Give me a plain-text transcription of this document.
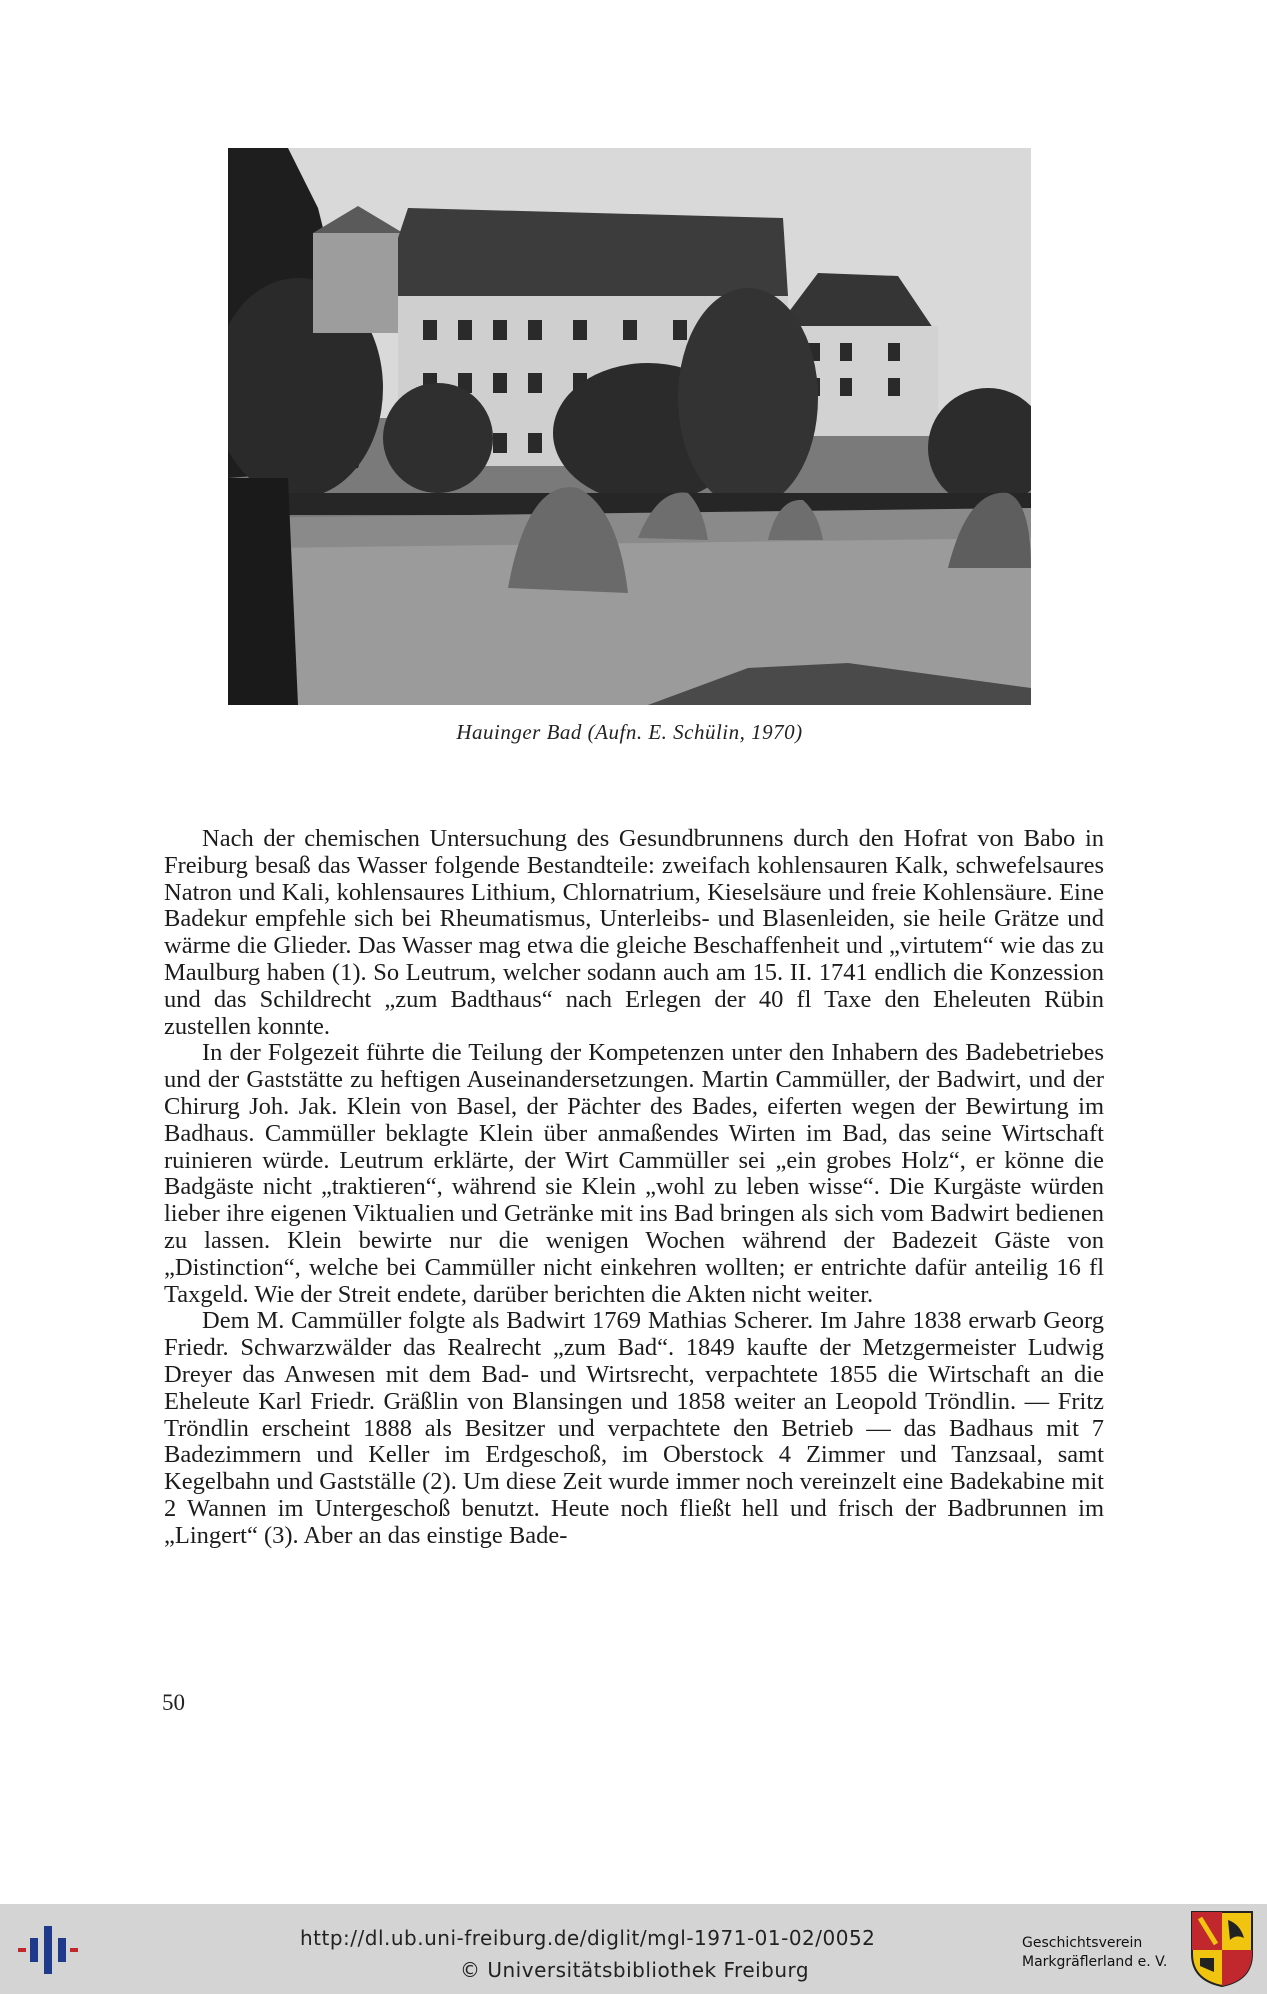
Hauinger Bad (Aufn. E. Schülin, 1970)

Nach der chemischen Untersuchung des Gesundbrunnens durch den Hofrat von Babo in Freiburg besaß das Wasser folgende Bestandteile: zweifach kohlensauren Kalk, schwefelsaures Natron und Kali, kohlensaures Lithium, Chlornatrium, Kieselsäure und freie Kohlensäure. Eine Badekur empfehle sich bei Rheumatismus, Unterleibs- und Blasenleiden, sie heile Grätze und wärme die Glieder. Das Wasser mag etwa die gleiche Beschaffenheit und „virtutem“ wie das zu Maulburg haben (1). So Leutrum, welcher sodann auch am 15. II. 1741 endlich die Konzession und das Schildrecht „zum Badthaus“ nach Erlegen der 40 fl Taxe den Eheleuten Rübin zustellen konnte.

In der Folgezeit führte die Teilung der Kompetenzen unter den Inhabern des Badebetriebes und der Gaststätte zu heftigen Auseinandersetzungen. Martin Cammüller, der Badwirt, und der Chirurg Joh. Jak. Klein von Basel, der Pächter des Bades, eiferten wegen der Bewirtung im Badhaus. Cammüller beklagte Klein über anmaßendes Wirten im Bad, das seine Wirtschaft ruinieren würde. Leutrum erklärte, der Wirt Cammüller sei „ein grobes Holz“, er könne die Badgäste nicht „traktieren“, während sie Klein „wohl zu leben wisse“. Die Kurgäste würden lieber ihre eigenen Viktualien und Getränke mit ins Bad bringen als sich vom Badwirt bedienen zu lassen. Klein bewirte nur die wenigen Wochen während der Badezeit Gäste von „Distinction“, welche bei Cammüller nicht einkehren wollten; er entrichte dafür anteilig 16 fl Taxgeld. Wie der Streit endete, darüber berichten die Akten nicht weiter.

Dem M. Cammüller folgte als Badwirt 1769 Mathias Scherer. Im Jahre 1838 erwarb Georg Friedr. Schwarzwälder das Realrecht „zum Bad“. 1849 kaufte der Metzgermeister Ludwig Dreyer das Anwesen mit dem Bad- und Wirtsrecht, verpachtete 1855 die Wirtschaft an die Eheleute Karl Friedr. Gräßlin von Blansingen und 1858 weiter an Leopold Tröndlin. — Fritz Tröndlin erscheint 1888 als Besitzer und verpachtete den Betrieb — das Badhaus mit 7 Badezimmern und Keller im Erdgeschoß, im Oberstock 4 Zimmer und Tanzsaal, samt Kegelbahn und Gastställe (2). Um diese Zeit wurde immer noch vereinzelt eine Badekabine mit 2 Wannen im Untergeschoß benutzt. Heute noch fließt hell und frisch der Badbrunnen im „Lingert“ (3). Aber an das einstige Bade-

50
http://dl.ub.uni-freiburg.de/diglit/mgl-1971-01-02/0052
© Universitätsbibliothek Freiburg
Geschichtsverein
Markgräflerland e. V.
